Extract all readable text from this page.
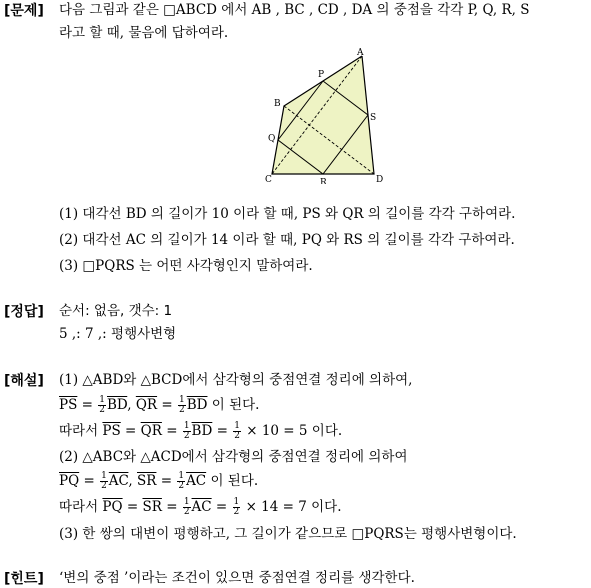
[문제] 다음 그림과 같은 □ABCD 에서 AB , BC , CD , DA 의 중점을 각각 P, Q, R, S
라고 할 때, 물음에 답하여라.
A
B
C	D
P
Q
R
S
(1) 대각선 BD 의 길이가 10 이라 할 때, PS 와 QR 의 길이를 각각 구하여라.
(2) 대각선 AC 의 길이가 14 이라 할 때, PQ 와 RS 의 길이를 각각 구하여라.
(3) □PQRS 는 어떤 사각형인지 말하여라.
[정답] 순서: 없음, 갯수: 1
5 ,: 7 ,: 평행사변형
[해설] (1) △ABD와 △BCD에서 삼각형의 중점연결 정리에 의하여,
$\overline{PS} = \frac{1}{2} \overline{BD}$, $\overline{QR} = \frac{1}{2} \overline{BD}$ 이 된다.
따라서 $\overline{PS} = \overline{QR} = \frac{1}{2} \overline{BD} = \frac{1}{2} \times 10 = 5$ 이다.
(2) △ABC와 △ACD에서 삼각형의 중점연결 정리에 의하여
$\overline{PQ} = \frac{1}{2} \overline{AC}$, $\overline{SR} = \frac{1}{2} \overline{AC}$ 이 된다.
따라서 $\overline{PQ} = \overline{SR} = \frac{1}{2} \overline{AC} = \frac{1}{2} \times 14 = 7$ 이다.
(3) 한 쌍의 대변이 평행하고, 그 길이가 같으므로 □PQRS는 평행사변형이다.
[힌트] ‘변의 중점 ’이라는 조건이 있으면 중점연결 정리를 생각한다.
